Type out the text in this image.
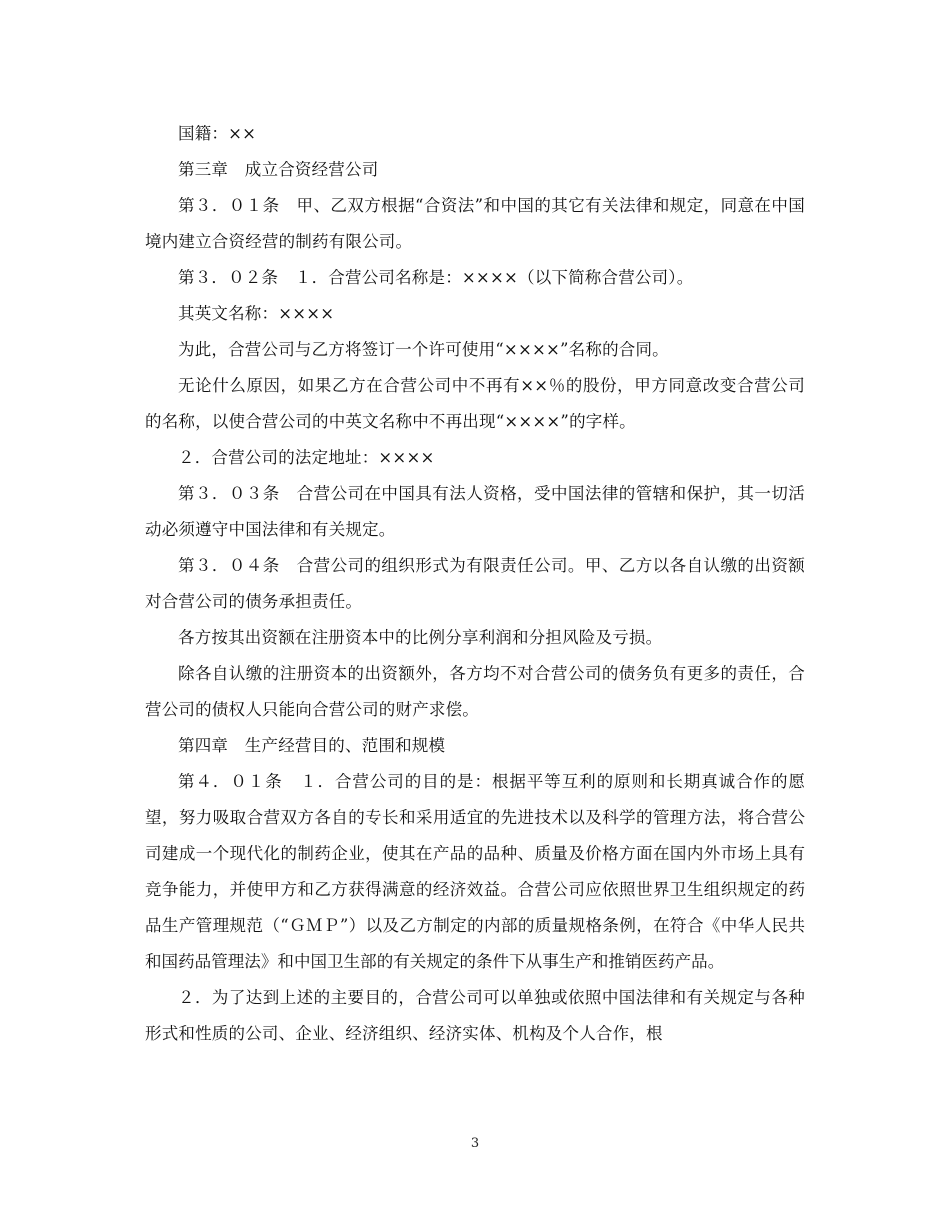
国籍：××

第三章　成立合资经营公司

第３．０１条　甲、乙双方根据“合资法”和中国的其它有关法律和规定，同意在中国境内建立合资经营的制药有限公司。

第３．０２条　１．合营公司名称是：××××（以下简称合营公司）。

其英文名称：××××

为此，合营公司与乙方将签订一个许可使用“××××”名称的合同。

无论什么原因，如果乙方在合营公司中不再有××％的股份，甲方同意改变合营公司的名称，以使合营公司的中英文名称中不再出现“××××”的字样。

２．合营公司的法定地址：××××

第３．０３条　合营公司在中国具有法人资格，受中国法律的管辖和保护，其一切活动必须遵守中国法律和有关规定。

第３．０４条　合营公司的组织形式为有限责任公司。甲、乙方以各自认缴的出资额对合营公司的债务承担责任。

各方按其出资额在注册资本中的比例分享利润和分担风险及亏损。

除各自认缴的注册资本的出资额外，各方均不对合营公司的债务负有更多的责任，合营公司的债权人只能向合营公司的财产求偿。

第四章　生产经营目的、范围和规模

第４．０１条　１．合营公司的目的是：根据平等互利的原则和长期真诚合作的愿望，努力吸取合营双方各自的专长和采用适宜的先进技术以及科学的管理方法，将合营公司建成一个现代化的制药企业，使其在产品的品种、质量及价格方面在国内外市场上具有竞争能力，并使甲方和乙方获得满意的经济效益。合营公司应依照世界卫生组织规定的药品生产管理规范（“ＧＭＰ”）以及乙方制定的内部的质量规格条例，在符合《中华人民共和国药品管理法》和中国卫生部的有关规定的条件下从事生产和推销医药产品。

２．为了达到上述的主要目的，合营公司可以单独或依照中国法律和有关规定与各种形式和性质的公司、企业、经济组织、经济实体、机构及个人合作，根

3
